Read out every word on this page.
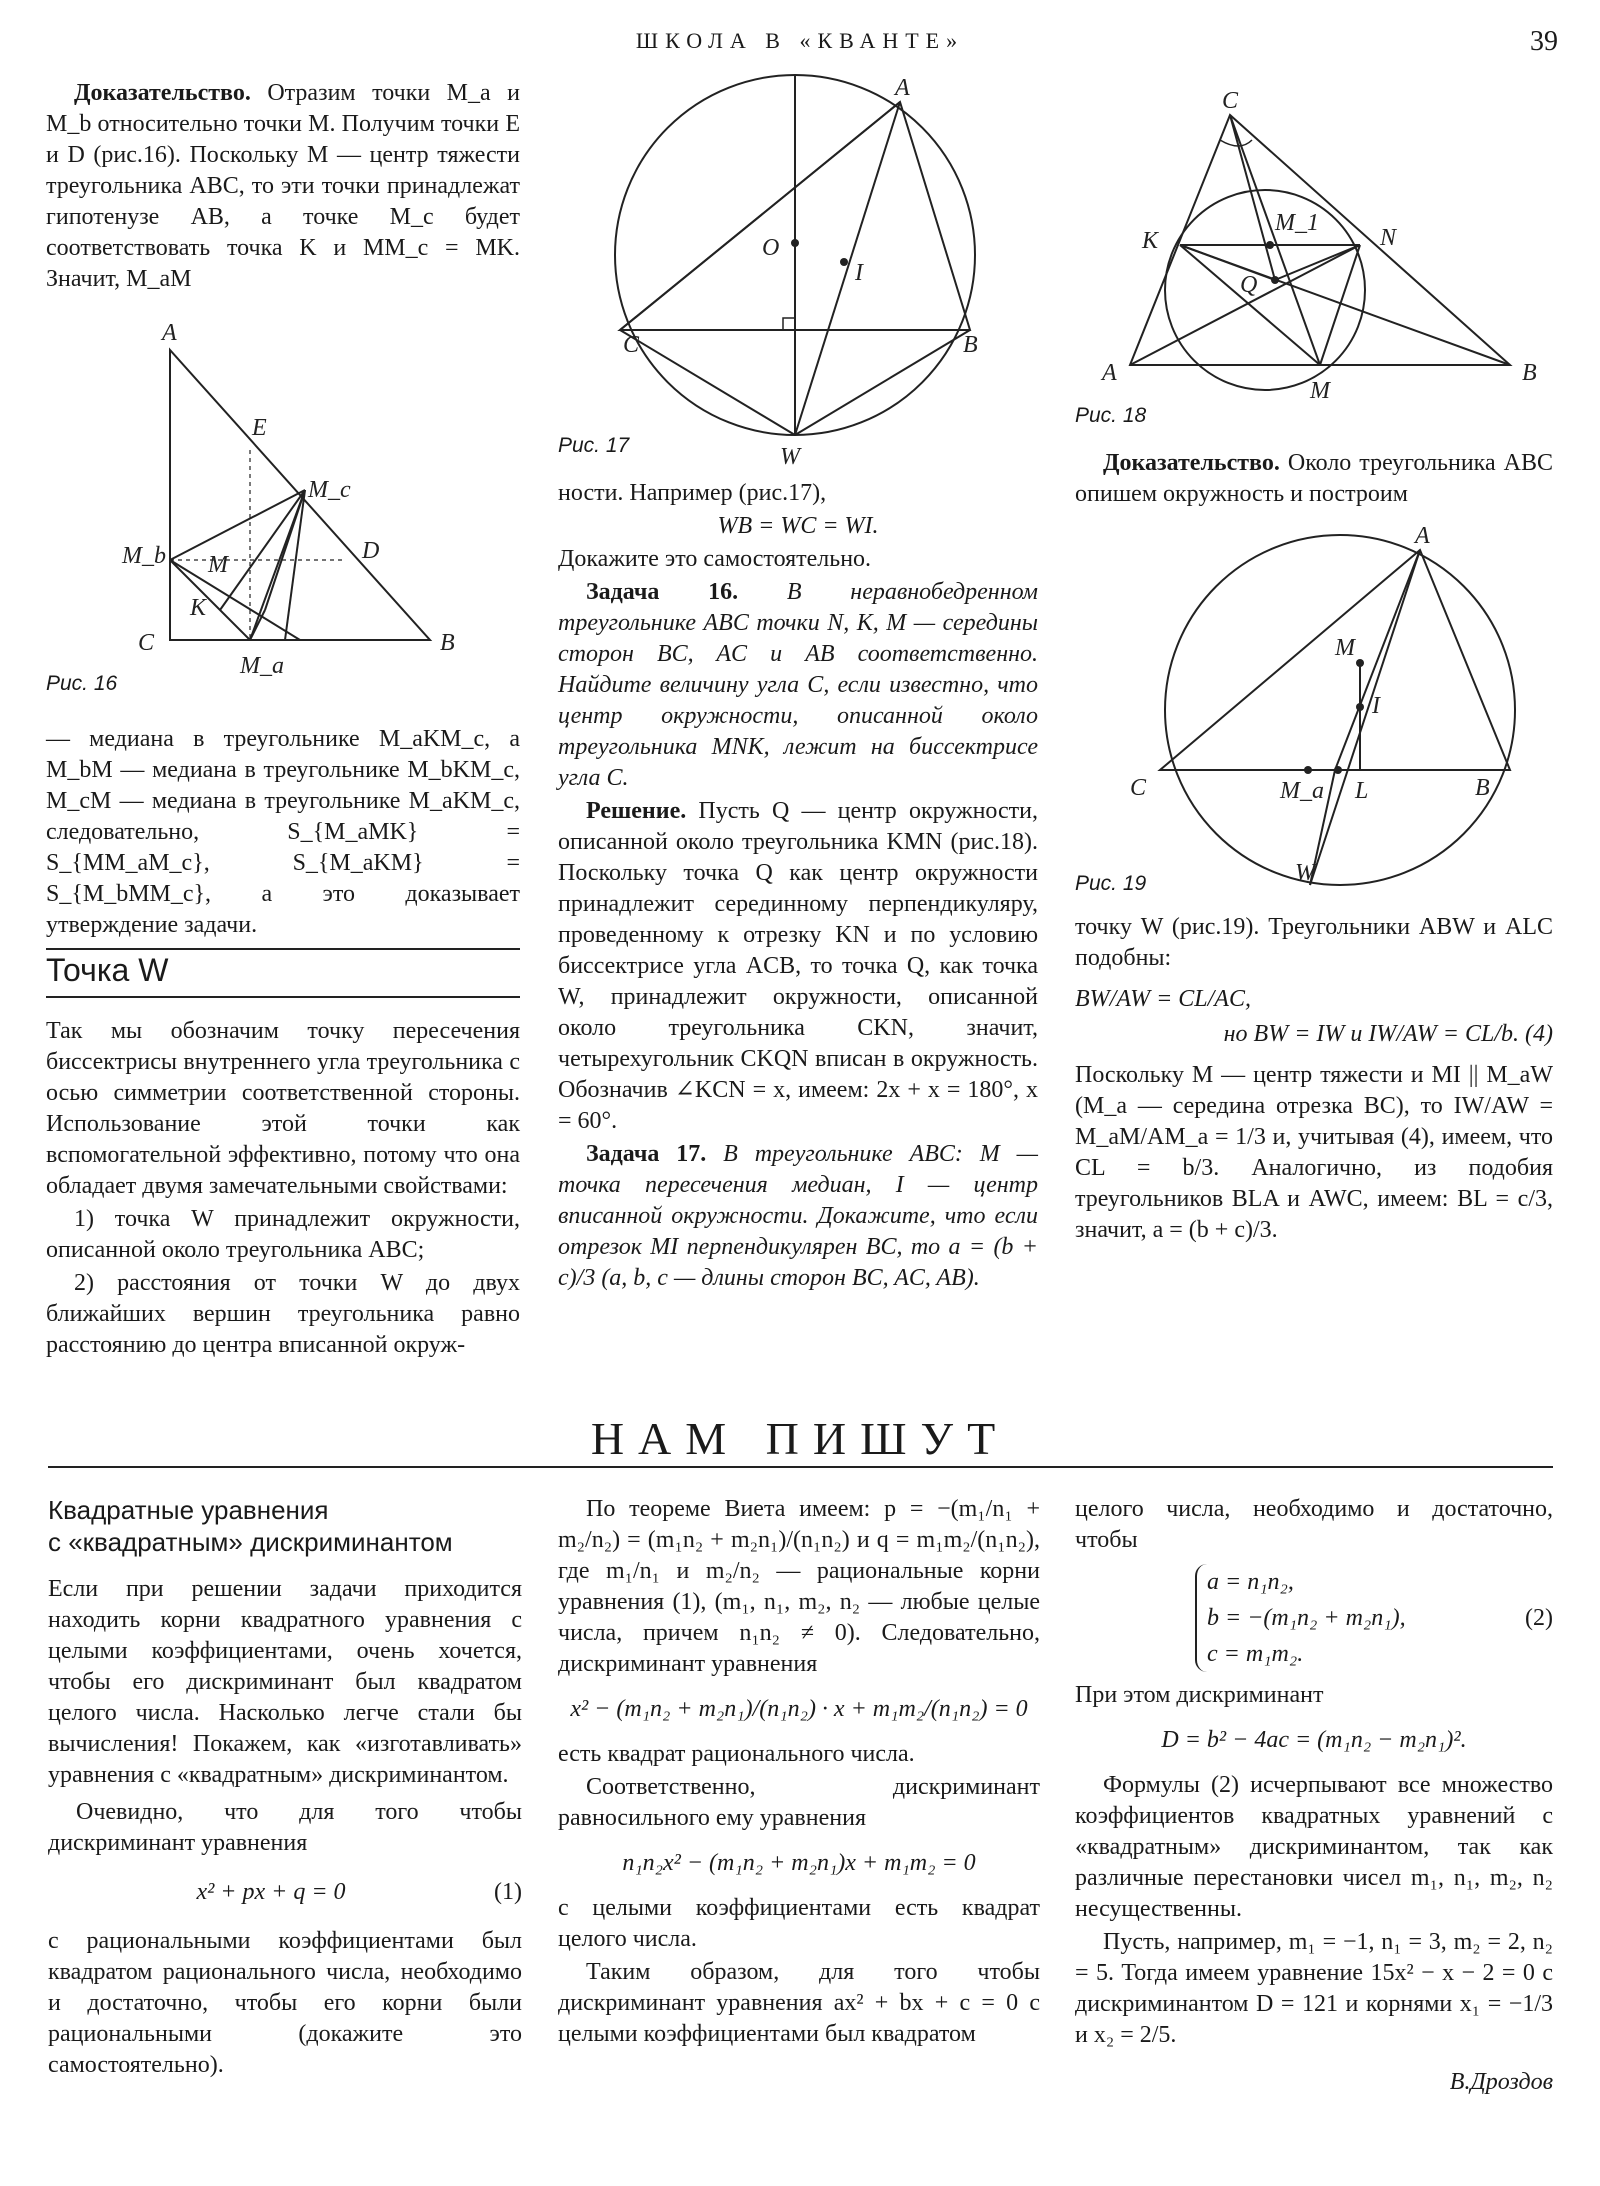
ШКОЛА В «КВАНТЕ»	39

Доказательство. Отразим точки M_a и M_b относительно точки M. Получим точки E и D (рис.16). Поскольку M — центр тяжести треугольника ABC, то эти точки принадлежат гипотенузе AB, а точке M_c будет соответствовать точка K и MM_c = MK. Значит, M_aM

A
E
M_c
M_b M
D
K
C
M_a
B
Рис. 16

— медиана в треугольнике M_aKM_c, а M_bM — медиана в треугольнике M_bKM_c, M_cM — медиана в треугольнике M_aKM_c, следовательно, S_{M_aMK} = S_{MM_aM_c}, S_{M_aKM} = S_{M_bMM_c}, а это доказывает утверждение задачи.

Точка W

Так мы обозначим точку пересечения биссектрисы внутреннего угла треугольника с осью симметрии соответственной стороны. Использование этой точки как вспомогательной эффективно, потому что она обладает двумя замечательными свойствами:

1) точка W принадлежит окружности, описанной около треугольника ABC;

2) расстояния от точки W до двух ближайших вершин треугольника равно расстоянию до центра вписанной окруж-

A
O
I
C	B
W
Рис. 17

ности. Например (рис.17),

WB = WC = WI.

Докажите это самостоятельно.

Задача 16. В неравнобедренном треугольнике ABC точки N, K, M — середины сторон BC, AC и AB соответственно. Найдите величину угла C, если известно, что центр окружности, описанной около треугольника MNK, лежит на биссектрисе угла C.

Решение. Пусть Q — центр окружности, описанной около треугольника KMN (рис.18). Поскольку точка Q как центр окружности принадлежит серединному перпендикуляру, проведенному к отрезку KN и по условию биссектрисе угла ACB, то точка Q, как точка W, принадлежит окружности, описанной около треугольника CKN, значит, четырехугольник CKQN вписан в окружность. Обозначив ∠KCN = x, имеем: 2x + x = 180°, x = 60°.

Задача 17. В треугольнике ABC: M — точка пересечения медиан, I — центр вписанной окружности. Докажите, что если отрезок MI перпендикулярен BC, то a = (b + c)/3 (a, b, c — длины сторон BC, AC, AB).

C
K
M_1
N
Q
A
M
B
Рис. 18

Доказательство. Около треугольника ABC опишем окружность и построим

A
M
I
C	M_a L	B
W
Рис. 19

точку W (рис.19). Треугольники ABW и ALC подобны:

BW/AW = CL/AC,

но BW = IW и IW/AW = CL/b. (4)

Поскольку M — центр тяжести и MI || M_aW (M_a — середина отрезка BC), то IW/AW = M_aM/AM_a = 1/3 и, учитывая (4), имеем, что CL = b/3. Аналогично, из подобия треугольников BLA и AWC, имеем: BL = c/3, значит, a = (b + c)/3.

НАМ ПИШУТ
Квадратные уравнения
с «квадратным» дискриминантом

Если при решении задачи приходится находить корни квадратного уравнения с целыми коэффициентами, очень хочется, чтобы его дискриминант был квадратом целого числа. Насколько легче стали бы вычисления! Покажем, как «изготавливать» уравнения с «квадратным» дискриминантом.

Очевидно, что для того чтобы дискриминант уравнения

x² + px + q = 0	(1)

с рациональными коэффициентами был квадратом рационального числа, необходимо и достаточно, чтобы его корни были рациональными (докажите это самостоятельно).

По теореме Виета имеем: p = −(m₁/n₁ + m₂/n₂) = (m₁n₂ + m₂n₁)/(n₁n₂) и q = m₁m₂/(n₁n₂), где m₁/n₁ и m₂/n₂ — рациональные корни уравнения (1), (m₁, n₁, m₂, n₂ — любые целые числа, причем n₁n₂ ≠ 0). Следовательно, дискриминант уравнения

x² − (m₁n₂ + m₂n₁)/(n₁n₂) · x + m₁m₂/(n₁n₂) = 0

есть квадрат рационального числа.

Соответственно, дискриминант равносильного ему уравнения

n₁n₂x² − (m₁n₂ + m₂n₁)x + m₁m₂ = 0

с целыми коэффициентами есть квадрат целого числа.

Таким образом, для того чтобы дискриминант уравнения ax² + bx + c = 0 с целыми коэффициентами был квадратом

целого числа, необходимо и достаточно, чтобы

a = n₁n₂,
b = −(m₁n₂ + m₂n₁),
c = m₁m₂.
(2)

При этом дискриминант

D = b² − 4ac = (m₁n₂ − m₂n₁)².

Формулы (2) исчерпывают все множество коэффициентов квадратных уравнений с «квадратным» дискриминантом, так как различные перестановки чисел m₁, n₁, m₂, n₂ несущественны.

Пусть, например, m₁ = −1, n₁ = 3, m₂ = 2, n₂ = 5. Тогда имеем уравнение 15x² − x − 2 = 0 с дискриминантом D = 121 и корнями x₁ = −1/3 и x₂ = 2/5.

В.Дроздов
